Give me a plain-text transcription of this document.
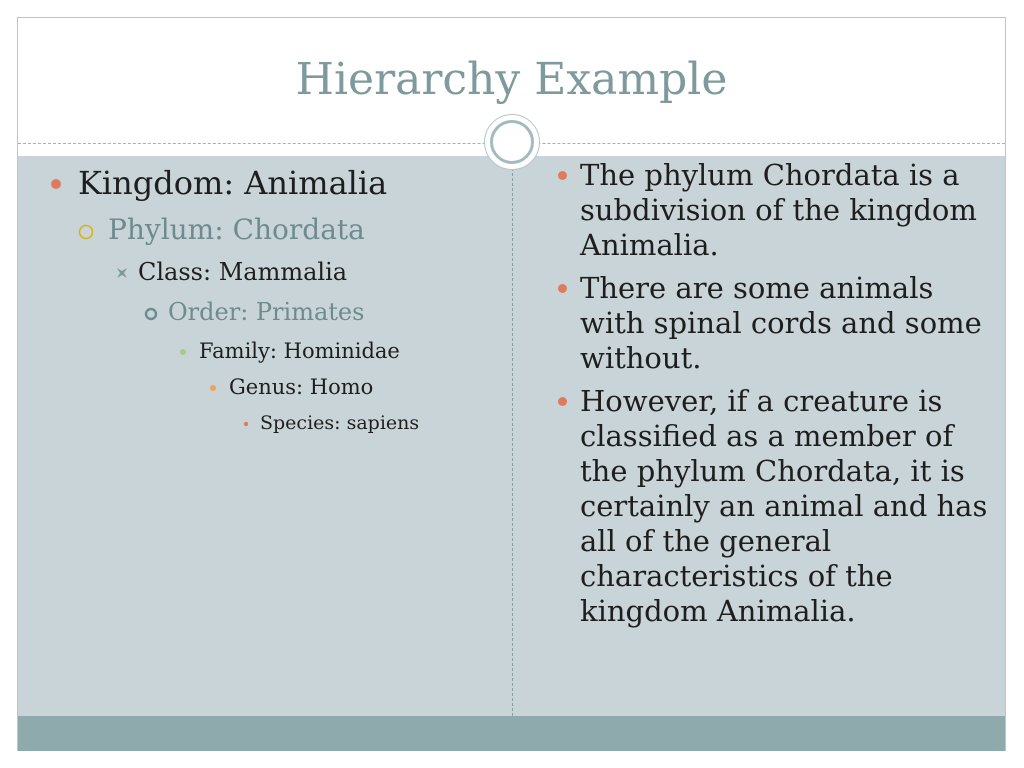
Hierarchy Example
Kingdom: Animalia
Phylum: Chordata
Class: Mammalia
Order: Primates
Family: Hominidae
Genus: Homo
Species: sapiens
The phylum Chordata is a subdivision of the kingdom Animalia.
There are some animals with spinal cords and some without.
However, if a creature is classified as a member of the phylum Chordata, it is certainly an animal and has all of the general characteristics of the kingdom Animalia.
